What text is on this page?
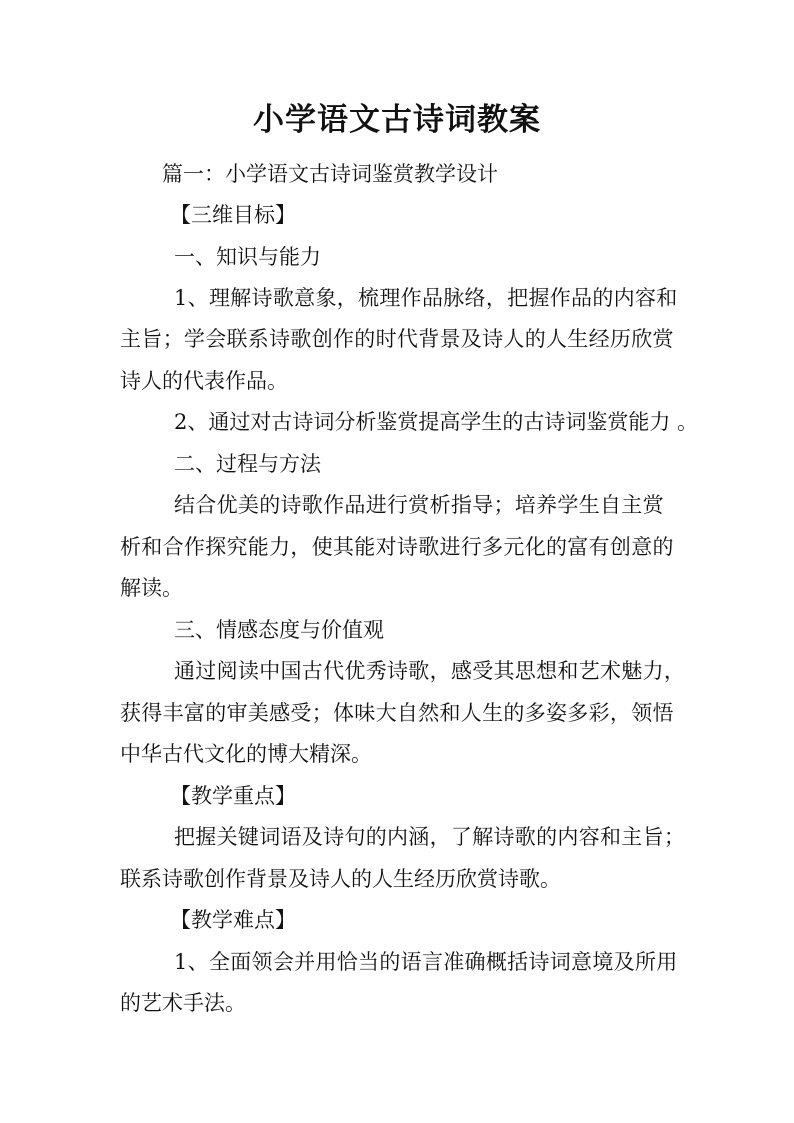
小学语文古诗词教案
篇一：小学语文古诗词鉴赏教学设计
【三维目标】
一、知识与能力
1、理解诗歌意象，梳理作品脉络，把握作品的内容和
主旨；学会联系诗歌创作的时代背景及诗人的人生经历欣赏
诗人的代表作品。
2、通过对古诗词分析鉴赏提高学生的古诗词鉴赏能力 。
二、过程与方法
结合优美的诗歌作品进行赏析指导；培养学生自主赏
析和合作探究能力，使其能对诗歌进行多元化的富有创意的
解读。
三、情感态度与价值观
通过阅读中国古代优秀诗歌，感受其思想和艺术魅力，
获得丰富的审美感受；体味大自然和人生的多姿多彩，领悟
中华古代文化的博大精深。
【教学重点】
把握关键词语及诗句的内涵，了解诗歌的内容和主旨；
联系诗歌创作背景及诗人的人生经历欣赏诗歌。
【教学难点】
1、全面领会并用恰当的语言准确概括诗词意境及所用
的艺术手法。
